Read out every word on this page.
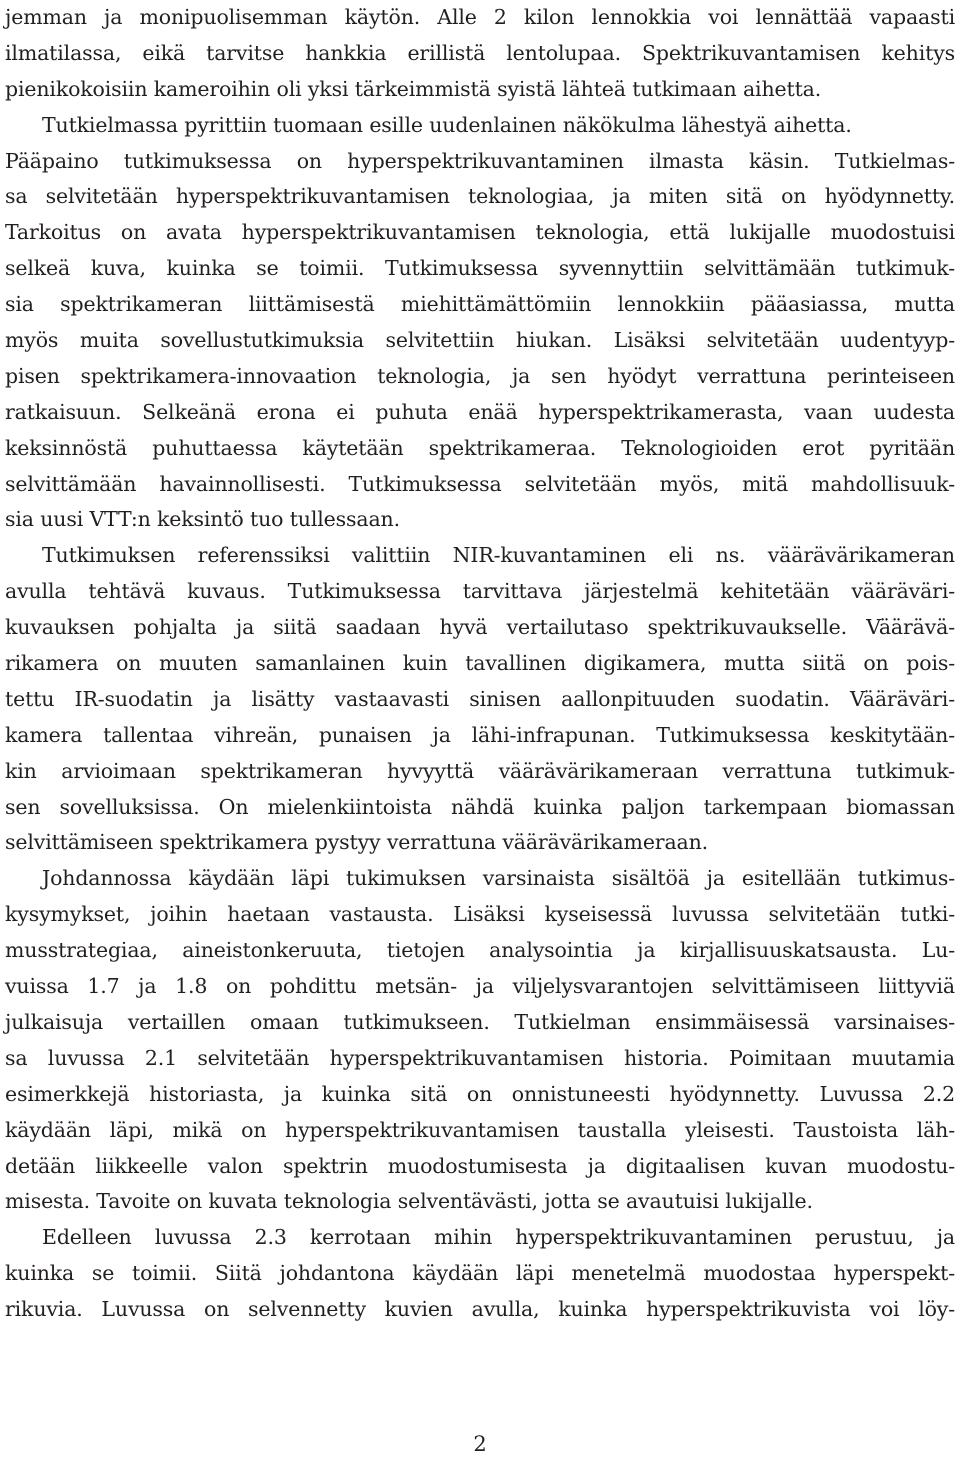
jemman ja monipuolisemman käytön. Alle 2 kilon lennokkia voi lennättää vapaasti
ilmatilassa, eikä tarvitse hankkia erillistä lentolupaa. Spektrikuvantamisen kehitys
pienikokoisiin kameroihin oli yksi tärkeimmistä syistä lähteä tutkimaan aihetta.
Tutkielmassa pyrittiin tuomaan esille uudenlainen näkökulma lähestyä aihetta.
Pääpaino tutkimuksessa on hyperspektrikuvantaminen ilmasta käsin. Tutkielmas-
sa selvitetään hyperspektrikuvantamisen teknologiaa, ja miten sitä on hyödynnetty.
Tarkoitus on avata hyperspektrikuvantamisen teknologia, että lukijalle muodostuisi
selkeä kuva, kuinka se toimii. Tutkimuksessa syvennyttiin selvittämään tutkimuk-
sia spektrikameran liittämisestä miehittämättömiin lennokkiin pääasiassa, mutta
myös muita sovellustutkimuksia selvitettiin hiukan. Lisäksi selvitetään uudentyyp-
pisen spektrikamera-innovaation teknologia, ja sen hyödyt verrattuna perinteiseen
ratkaisuun. Selkeänä erona ei puhuta enää hyperspektrikamerasta, vaan uudesta
keksinnöstä puhuttaessa käytetään spektrikameraa. Teknologioiden erot pyritään
selvittämään havainnollisesti. Tutkimuksessa selvitetään myös, mitä mahdollisuuk-
sia uusi VTT:n keksintö tuo tullessaan.
Tutkimuksen referenssiksi valittiin NIR-kuvantaminen eli ns. väärävärikameran
avulla tehtävä kuvaus. Tutkimuksessa tarvittava järjestelmä kehitetään vääräväri-
kuvauksen pohjalta ja siitä saadaan hyvä vertailutaso spektrikuvaukselle. Väärävä-
rikamera on muuten samanlainen kuin tavallinen digikamera, mutta siitä on pois-
tettu IR-suodatin ja lisätty vastaavasti sinisen aallonpituuden suodatin. Vääräväri-
kamera tallentaa vihreän, punaisen ja lähi-infrapunan. Tutkimuksessa keskitytään-
kin arvioimaan spektrikameran hyvyyttä väärävärikameraan verrattuna tutkimuk-
sen sovelluksissa. On mielenkiintoista nähdä kuinka paljon tarkempaan biomassan
selvittämiseen spektrikamera pystyy verrattuna väärävärikameraan.
Johdannossa käydään läpi tukimuksen varsinaista sisältöä ja esitellään tutkimus-
kysymykset, joihin haetaan vastausta. Lisäksi kyseisessä luvussa selvitetään tutki-
musstrategiaa, aineistonkeruuta, tietojen analysointia ja kirjallisuuskatsausta. Lu-
vuissa 1.7 ja 1.8 on pohdittu metsän- ja viljelysvarantojen selvittämiseen liittyviä
julkaisuja vertaillen omaan tutkimukseen. Tutkielman ensimmäisessä varsinaises-
sa luvussa 2.1 selvitetään hyperspektrikuvantamisen historia. Poimitaan muutamia
esimerkkejä historiasta, ja kuinka sitä on onnistuneesti hyödynnetty. Luvussa 2.2
käydään läpi, mikä on hyperspektrikuvantamisen taustalla yleisesti. Taustoista läh-
detään liikkeelle valon spektrin muodostumisesta ja digitaalisen kuvan muodostu-
misesta. Tavoite on kuvata teknologia selventävästi, jotta se avautuisi lukijalle.
Edelleen luvussa 2.3 kerrotaan mihin hyperspektrikuvantaminen perustuu, ja
kuinka se toimii. Siitä johdantona käydään läpi menetelmä muodostaa hyperspekt-
rikuvia. Luvussa on selvennetty kuvien avulla, kuinka hyperspektrikuvista voi löy-
2
